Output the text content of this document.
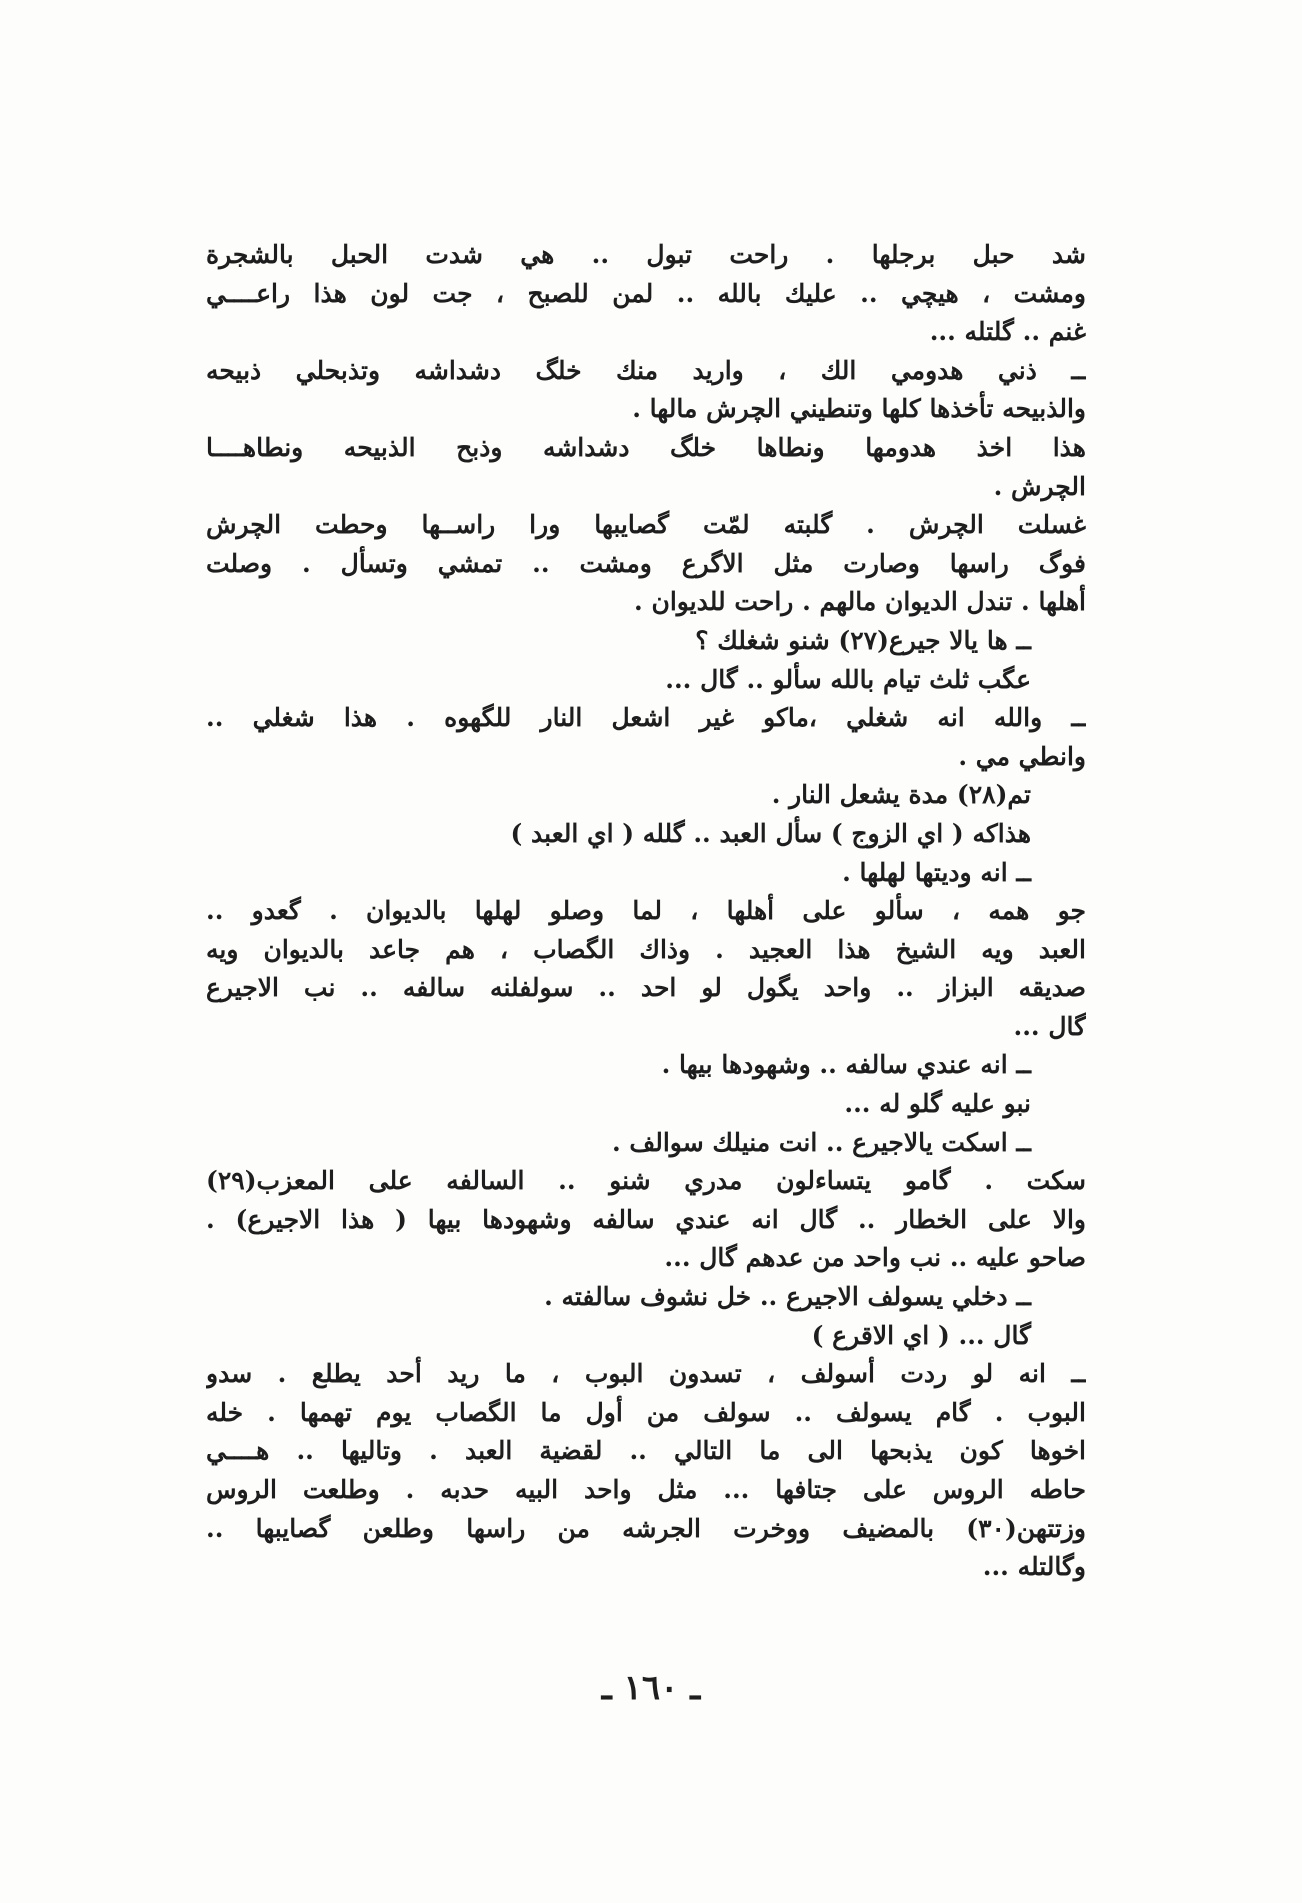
شد حبل برجلها . راحت تبول .. هي شدت الحبل بالشجرة
ومشت ، هيچي .. عليك بالله .. لمن للصبح ، جت لون هذا راعــــي
غنم .. گلتله ...
ــ ذني هدومي الك ، واريد منك خلگ دشداشه وتذبحلي ذبيحه
والذبيحه تأخذها كلها وتنطيني الچرش مالها .
هذا اخذ هدومها ونطاها خلگ دشداشه وذبح الذبيحه ونطاهــــا
الچرش .
غسلت الچرش . گلبته لمّت گصايبها ورا راســها وحطت الچرش
فوگ راسها وصارت مثل الاگرع ومشت .. تمشي وتسأل . وصلت
أهلها . تندل الديوان مالهم . راحت للديوان .
ــ ها يالا جيرع(٢٧) شنو شغلك ؟
عگب ثلث تيام بالله سألو .. گال ...
ــ والله انه شغلي ،ماكو غير اشعل النار للگهوه . هذا شغلي ..
وانطي مي .
تم(٢٨) مدة يشعل النار .
هذاكه ( اي الزوج ) سأل العبد .. گلله ( اي العبد )
ــ انه وديتها لهلها .
جو همه ، سألو على أهلها ، لما وصلو لهلها بالديوان . گعدو ..
العبد ويه الشيخ هذا العجيد . وذاك الگصاب ، هم جاعد بالديوان ويه
صديقه البزاز .. واحد يگول لو احد .. سولفلنه سالفه .. نب الاجيرع
گال ...
ــ انه عندي سالفه .. وشهودها بيها .
نبو عليه گلو له ...
ــ اسكت يالاجيرع .. انت منيلك سوالف .
سكت . گامو يتساءلون مدري شنو .. السالفه على المعزب(٢٩)
والا على الخطار .. گال انه عندي سالفه وشهودها بيها ( هذا الاجيرع) .
صاحو عليه .. نب واحد من عدهم گال ...
ــ دخلي يسولف الاجيرع .. خل نشوف سالفته .
گال ... ( اي الاقرع )
ــ انه لو ردت أسولف ، تسدون البوب ، ما ريد أحد يطلع . سدو
البوب . گام يسولف .. سولف من أول ما الگصاب يوم تهمها . خله
اخوها كون يذبحها الى ما التالي .. لقضية العبد . وتاليها .. هــــي
حاطه الروس على جتافها ... مثل واحد البيه حدبه . وطلعت الروس
وزتتهن(٣٠) بالمضيف ووخرت الجرشه من راسها وطلعن گصايبها ..
وگالتله ...
ـ ١٦٠ ـ
